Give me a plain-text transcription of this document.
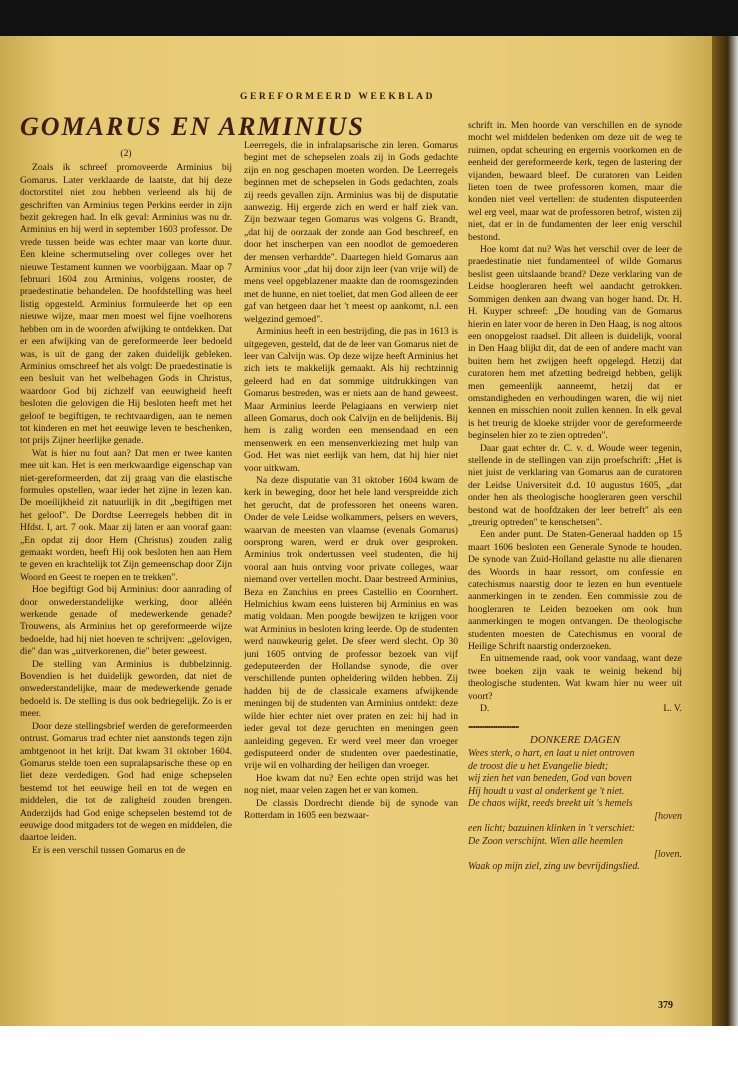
GEREFORMEERD WEEKBLAD
GOMARUS EN ARMINIUS

(2)

Zoals ik schreef promoveerde Arminius bij Gomarus. Later verklaarde de laatste, dat hij deze doctorstitel niet zou hebben verleend als hij de geschriften van Arminius tegen Perkins eerder in zijn bezit gekregen had. In elk geval: Arminius was nu dr. Arminius en hij werd in september 1603 professor. De vrede tussen beide was echter maar van korte duur. Een kleine schermutseling over colleges over het nieuwe Testament kunnen we voorbijgaan. Maar op 7 februari 1604 zou Arminius, volgens rooster, de praedestinatie behandelen. De hoofdstelling was heel listig opgesteld. Arminius formuleerde het op een nieuwe wijze, maar men moest wel fijne voelhorens hebben om in de woorden afwijking te ontdekken. Dat er een afwijking van de gereformeerde leer bedoeld was, is uit de gang der zaken duidelijk gebleken. Arminius omschreef het als volgt: De praedestinatie is een besluit van het welbehagen Gods in Christus, waardoor God bij zichzelf van eeuwigheid heeft besloten die gelovigen die Hij besloten heeft met het geloof te begiftigen, te rechtvaardigen, aan te nemen tot kinderen en met het eeuwige leven te beschenken, tot prijs Zijner heerlijke genade.

Wat is hier nu fout aan? Dat men er twee kanten mee uit kan. Het is een merkwaardige eigenschap van niet-gereformeerden, dat zij graag van die elastische formules opstellen, waar ieder het zijne in lezen kan. De moeilijkheid zit natuurlijk in dit „begiftigen met het geloof". De Dordtse Leerregels hebben dit in Hfdst. I, art. 7 ook. Maar zij laten er aan vooraf gaan: „En opdat zij door Hem (Christus) zouden zalig gemaakt worden, heeft Hij ook besloten hen aan Hem te geven en krachtelijk tot Zijn gemeenschap door Zijn Woord en Geest te roepen en te trekken".

Hoe begiftigt God bij Arminius: door aanrading of door onwederstandelijke werking, door alléén werkende genade of medewerkende genade? Trouwens, als Arminius het op gereformeerde wijze bedoelde, had hij niet hoeven te schrijven: „gelovigen, die" dan was „uitverkorenen, die" beter geweest.

De stelling van Arminius is dubbelzinnig. Bovendien is het duidelijk geworden, dat niet de onwederstandelijke, maar de medewerkende genade bedoeld is. De stelling is dus ook bedriegelijk. Zo is er meer.

Door deze stellingsbrief werden de gereformeerden ontrust. Gomarus trad echter niet aanstonds tegen zijn ambtgenoot in het krijt. Dat kwam 31 oktober 1604. Gomarus stelde toen een supralapsarische these op en liet deze verdedigen. God had enige schepselen bestemd tot het eeuwige heil en tot de wegen en middelen, die tot de zaligheid zouden brengen. Anderzijds had God enige schepselen bestemd tot de eeuwige dood mitgaders tot de wegen en middelen, die daartoe leiden.

Er is een verschil tussen Gomarus en de

Leerregels, die in infralapsarische zin leren. Gomarus begint met de schepselen zoals zij in Gods gedachte zijn en nog geschapen moeten worden. De Leerregels beginnen met de schepselen in Gods gedachten, zoals zij reeds gevallen zijn. Arminius was bij de disputatie aanwezig. Hij ergerde zich en werd er half ziek van. Zijn bezwaar tegen Gomarus was volgens G. Brandt, „dat hij de oorzaak der zonde aan God beschreef, en door het inscherpen van een noodlot de gemoederen der mensen verhardde". Daartegen hield Gomarus aan Arminius voor „dat hij door zijn leer (van vrije wil) de mens veel opgeblazener maakte dan de roomsgezinden met de hunne, en niet toeliet, dat men God alleen de eer gaf van hetgeen daar het 't meest op aankomt, n.l. een welgezind gemoed".

Arminius heeft in een bestrijding, die pas in 1613 is uitgegeven, gesteld, dat de de leer van Gomarus niet de leer van Calvijn was. Op deze wijze heeft Arminius het zich iets te makkelijk gemaakt. Als hij rechtzinnig geleerd had en dat sommige uitdrukkingen van Gomarus bestreden, was er niets aan de hand geweest. Maar Arminius leerde Pelagiaans en verwierp niet alleen Gomarus, doch ook Calvijn en de belijdenis. Bij hem is zalig worden een mensendaad en een mensenwerk en een mensenverkiezing met hulp van God. Het was niet eerlijk van hem, dat hij hier niet voor uitkwam.

Na deze disputatie van 31 oktober 1604 kwam de kerk in beweging, door het hele land verspreidde zich het gerucht, dat de professoren het oneens waren. Onder de vele Leidse wolkammers, pelsers en wevers, waarvan de meesten van vlaamse (evenals Gomarus) oorsprong waren, werd er druk over gesproken. Arminius trok ondertussen veel studenten, die hij vooral aan huis ontving voor private colleges, waar niemand over vertellen mocht. Daar bestreed Arminius, Beza en Zanchius en prees Castellio en Coornhert. Helmichius kwam eens luisteren bij Arminius en was matig voldaan. Men poogde bewijzen te krijgen voor wat Arminius in besloten kring leerde. Op de studenten werd nauwkeurig gelet. De sfeer werd slecht. Op 30 juni 1605 ontving de professor bezoek van vijf gedeputeerden der Hollandse synode, die over verschillende punten opheldering wilden hebben. Zij hadden bij de de classicale examens afwijkende meningen bij de studenten van Arminius ontdekt: deze wilde hier echter niet over praten en zei: hij had in ieder geval tot deze geruchten en meningen geen aanleiding gegeven. Er werd veel meer dan vroeger gedisputeerd onder de studenten over paedestinatie, vrije wil en volharding der heiligen dan vroeger.

Hoe kwam dat nu? Een echte open strijd was het nog niet, maar velen zagen het er van komen.

De classis Dordrecht diende bij de synode van Rotterdam in 1605 een bezwaar-

schrift in. Men hoorde van verschillen en de synode mocht wel middelen bedenken om deze uit de weg te ruimen, opdat scheuring en ergernis voorkomen en de eenheid der gereformeerde kerk, tegen de lastering der vijanden, bewaard bleef. De curatoren van Leiden lieten toen de twee professoren komen, maar die konden niet veel vertellen: de studenten disputeerden wel erg veel, maar wat de professoren betrof, wisten zij niet, dat er in de fundamenten der leer enig verschil bestond.

Hoe komt dat nu? Was het verschil over de leer de praedestinatie niet fundamenteel of wilde Gomarus beslist geen uitslaande brand? Deze verklaring van de Leidse hoogleraren heeft wel aandacht getrokken. Sommigen denken aan dwang van hoger hand. Dr. H. H. Kuyper schreef: „De houding van de Gomarus hierin en later voor de heren in Den Haag, is nog altoos een onopgelost raadsel. Dit alleen is duidelijk, vooral in Den Haag blijkt dit, dat de een of andere macht van buiten hem het zwijgen heeft opgelegd. Hetzij dat curatoren hem met afzetting bedreigd hebben, gelijk men gemeenlijk aanneemt, hetzij dat er omstandigheden en verhoudingen waren, die wij niet kennen en misschien nooit zullen kennen. In elk geval is het treurig de kloeke strijder voor de gereformeerde beginselen hier zo te zien optreden".

Daar gaat echter dr. C. v. d. Woude weer tegenin, stellende in de stellingen van zijn proefschrift: „Het is niet juist de verklaring van Gomarus aan de curatoren der Leidse Universiteit d.d. 10 augustus 1605, „dat onder hen als theologische hoogleraren geen verschil bestond wat de hoofdzaken der leer betreft" als een „treurig optreden" te kenschetsen".

Een ander punt. De Staten-Generaal hadden op 15 maart 1606 besloten een Generale Synode te houden. De synode van Zuid-Holland gelastte nu alle dienaren des Woords in haar ressort, om confessie en catechismus naarstig door te lezen en hun eventuele aanmerkingen in te zenden. Een commissie zou de hoogleraren te Leiden bezoeken om ook hun aanmerkingen te mogen ontvangen. De theologische studenten moesten de Catechismus en vooral de Heilige Schrift naarstig onderzoeken.

En uitnemende raad, ook voor vandaag, want deze twee boeken zijn vaak te weinig bekend bij theologische studenten. Wat kwam hier nu weer uit voort?

D.	L. V.

••••••••••••••••••••••••••••
DONKERE DAGEN
Wees sterk, o hart, en laat u niet ontroven
de troost die u het Evangelie biedt;
wij zien het van beneden, God van boven
Hij houdt u vast al onderkent ge 't niet.
De chaos wijkt, reeds breekt uit 's hemels
[hoven
een licht; bazuinen klinken in 't verschiet:
De Zoon verschijnt. Wien alle heemlen
[loven.
Waak op mijn ziel, zing uw bevrijdingslied.
379
